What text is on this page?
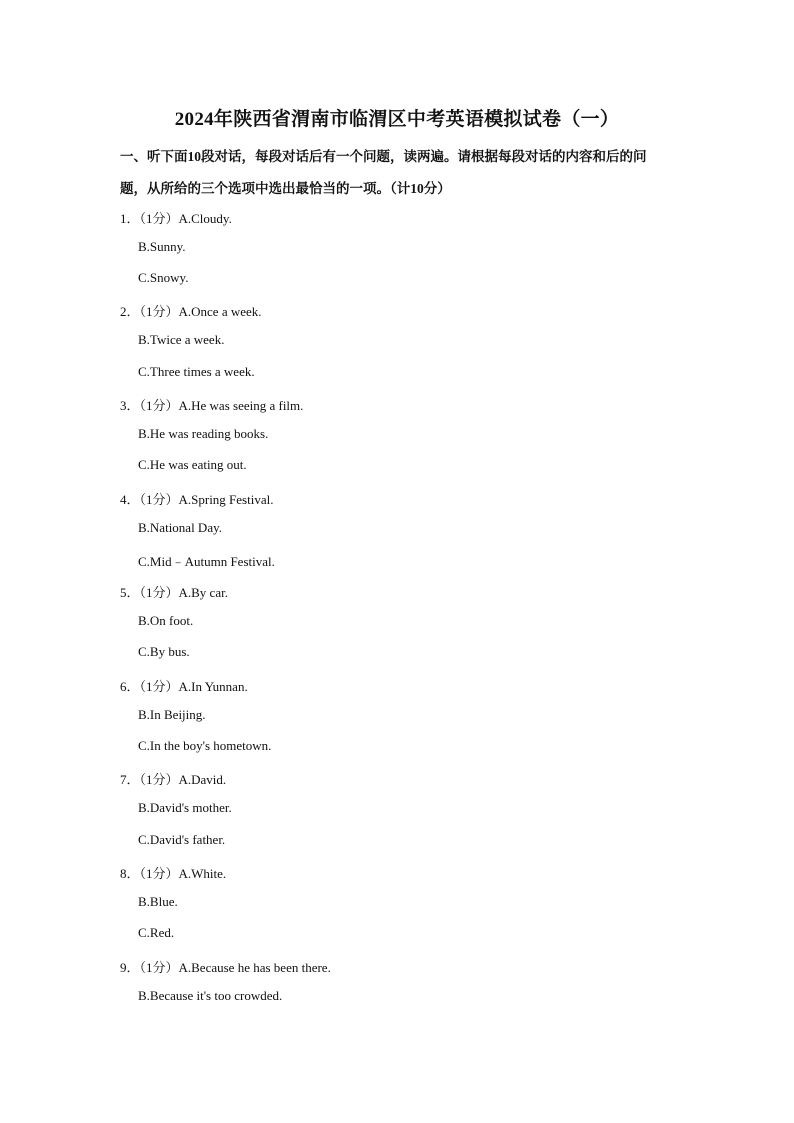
2024年陕西省渭南市临渭区中考英语模拟试卷（一）
一、听下面10段对话，每段对话后有一个问题，读两遍。请根据每段对话的内容和后的问
题，从所给的三个选项中选出最恰当的一项。（计10分）
1．（1分）A.Cloudy.
B.Sunny.
C.Snowy.
2．（1分）A.Once a week.
B.Twice a week.
C.Three times a week.
3．（1分）A.He was seeing a film.
B.He was reading books.
C.He was eating out.
4．（1分）A.Spring Festival.
B.National Day.
C.Mid﹣Autumn Festival.
5．（1分）A.By car.
B.On foot.
C.By bus.
6．（1分）A.In Yunnan.
B.In Beijing.
C.In the boy's hometown.
7．（1分）A.David.
B.David's mother.
C.David's father.
8．（1分）A.White.
B.Blue.
C.Red.
9．（1分）A.Because he has been there.
B.Because it's too crowded.
